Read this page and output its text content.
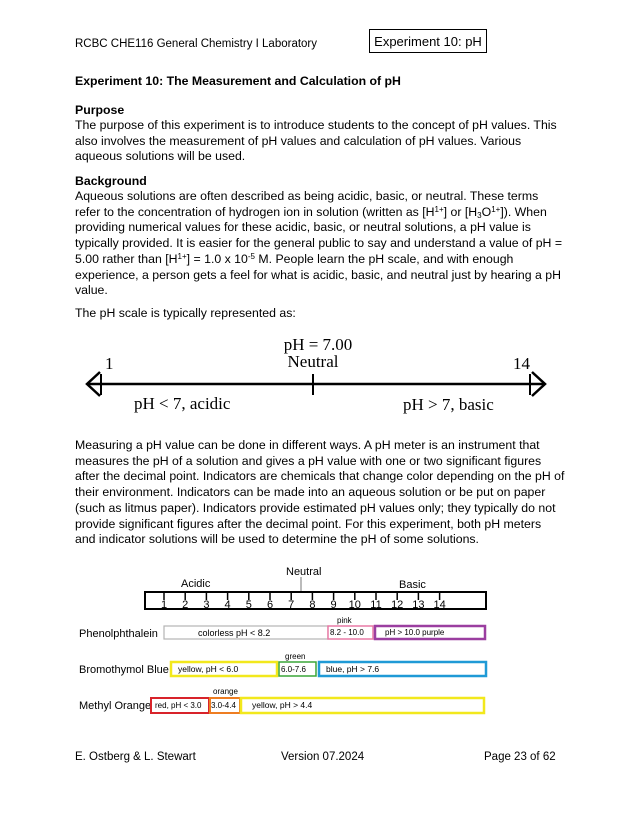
RCBC CHE116 General Chemistry I Laboratory	Experiment 10: pH
Experiment 10: The Measurement and Calculation of pH
Purpose
The purpose of this experiment is to introduce students to the concept of pH values. This also involves the measurement of pH values and calculation of pH values. Various aqueous solutions will be used.
Background
Aqueous solutions are often described as being acidic, basic, or neutral. These terms refer to the concentration of hydrogen ion in solution (written as $[H^{1+}]$ or $[H_3O^{1+}]$). When providing numerical values for these acidic, basic, or neutral solutions, a pH value is typically provided. It is easier for the general public to say and understand a value of pH = 5.00 rather than $[H^{1+}] = 1.0$ x $10^{-5}$ M. People learn the pH scale, and with enough experience, a person gets a feel for what is acidic, basic, and neutral just by hearing a pH value.
The pH scale is typically represented as:
1	14
pH = 7.00
Neutral
pH < 7, acidic	pH > 7, basic
Measuring a pH value can be done in different ways. A pH meter is an instrument that measures the pH of a solution and gives a pH value with one or two significant figures after the decimal point. Indicators are chemicals that change color depending on the pH of their environment. Indicators can be made into an aqueous solution or be put on paper (such as litmus paper). Indicators provide estimated pH values only; they typically do not provide significant figures after the decimal point. For this experiment, both pH meters and indicator solutions will be used to determine the pH of some solutions.
Acidic
Neutral
Basic
1 2 3 4 5 6 7 8 9 10 11 12 13 14
Phenolphthalein	colorless pH < 8.2
pink
8.2 - 10.0	pH > 10.0 purple
Bromothymol Blue yellow, pH < 6.0
green
6.0-7.6 blue, pH > 7.6
Methyl Orange red, pH < 3.0
orange
3.0-4.4 yellow, pH > 4.4
E. Ostberg & L. Stewart	Version 07.2024	Page 23 of 62
